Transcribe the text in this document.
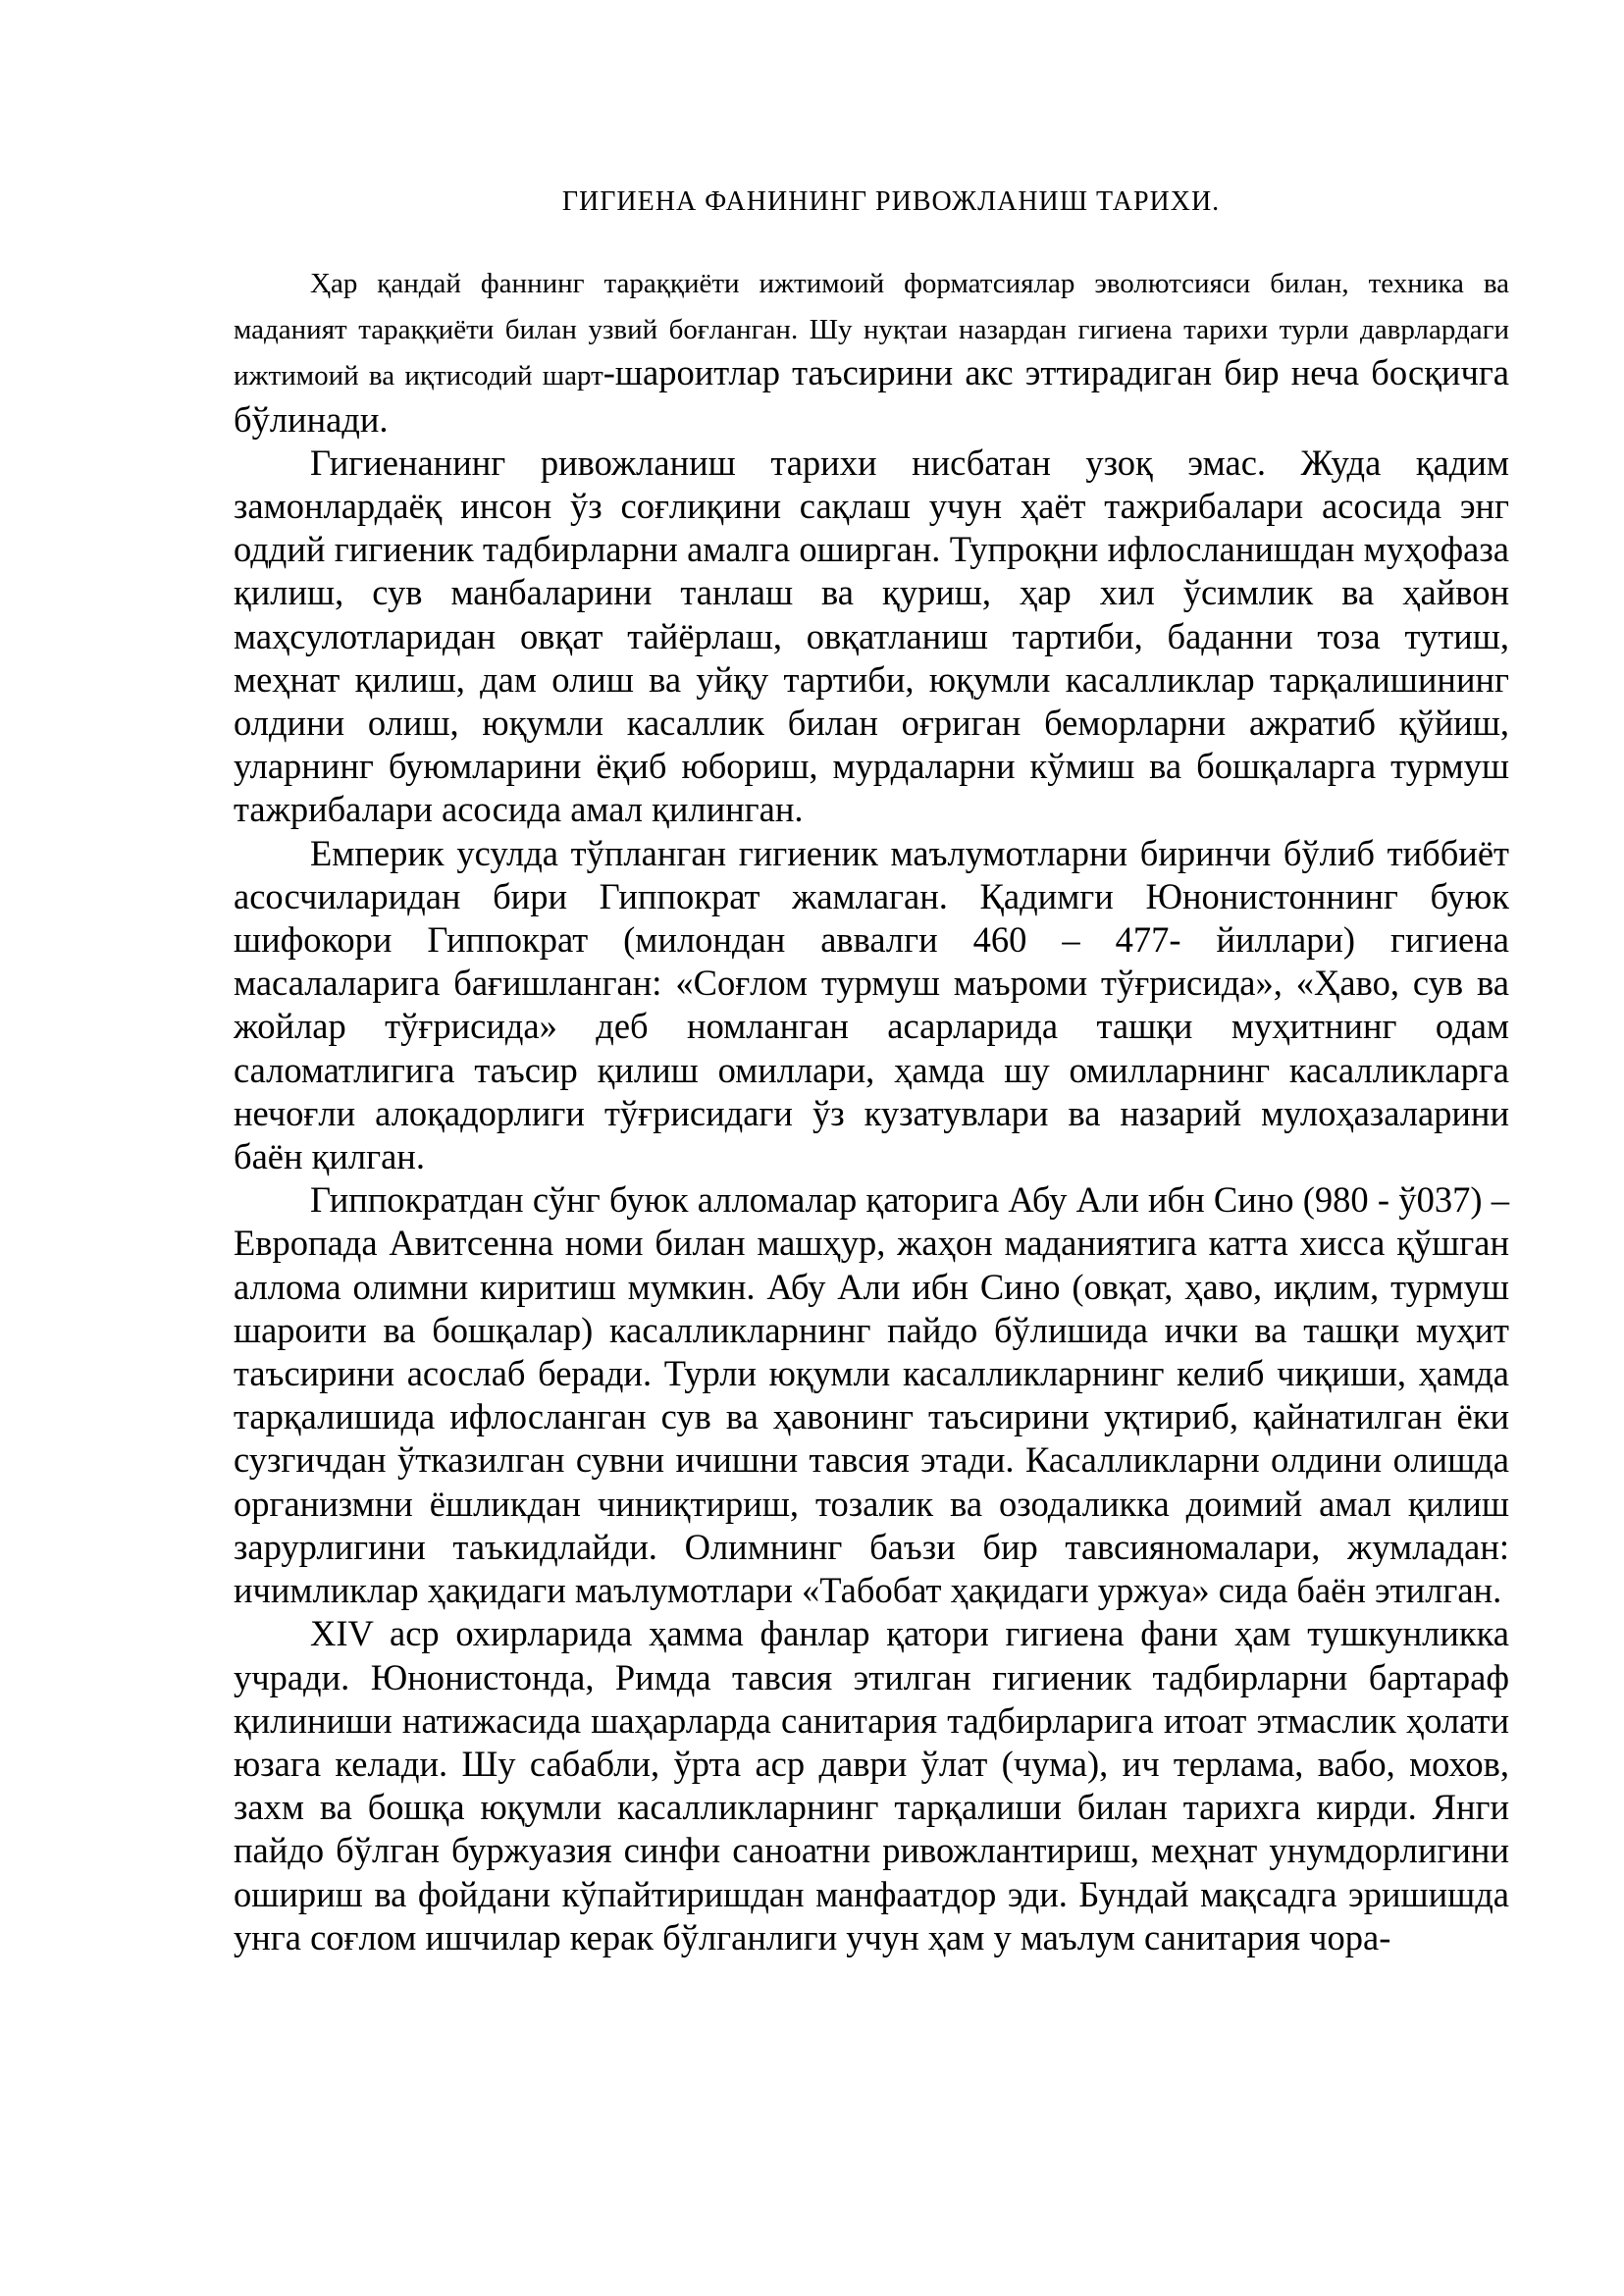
ГИГИЕНА ФАНИНИНГ РИВОЖЛАНИШ ТАРИХИ.

Ҳар қандай фаннинг тараққиёти ижтимоий форматсиялар эволютсияси билан, техника ва маданият тараққиёти билан узвий боғланган. Шу нуқтаи назардан гигиена тарихи турли даврлардаги ижтимоий ва иқтисодий шарт-шароитлар таъсирини акс эттирадиган бир неча босқичга бўлинади.

Гигиенанинг ривожланиш тарихи нисбатан узоқ эмас. Жуда қадим замонлардаёқ инсон ўз соғлиқини сақлаш учун ҳаёт тажрибалари асосида энг оддий гигиеник тадбирларни амалга оширган. Тупроқни ифлосланишдан муҳофаза қилиш, сув манбаларини танлаш ва қуриш, ҳар хил ўсимлик ва ҳайвон маҳсулотларидан овқат тайёрлаш, овқатланиш тартиби, баданни тоза тутиш, меҳнат қилиш, дам олиш ва уйқу тартиби, юқумли касалликлар тарқалишининг олдини олиш, юқумли касаллик билан оғриган беморларни ажратиб қўйиш, уларнинг буюмларини ёқиб юбориш, мурдаларни кўмиш ва бошқаларга турмуш тажрибалари асосида амал қилинган.

Емперик усулда тўпланган гигиеник маълумотларни биринчи бўлиб тиббиёт асосчиларидан бири Гиппократ жамлаган. Қадимги Юнонистоннинг буюк шифокори Гиппократ (милондан аввалги 460 – 477- йиллари) гигиена масалаларига бағишланган: «Соғлом турмуш маъроми тўғрисида», «Ҳаво, сув ва жойлар тўғрисида» деб номланган асарларида ташқи муҳитнинг одам саломатлигига таъсир қилиш омиллари, ҳамда шу омилларнинг касалликларга нечоғли алоқадорлиги тўғрисидаги ўз кузатувлари ва назарий мулоҳазаларини баён қилган.

Гиппократдан сўнг буюк алломалар қаторига Абу Али ибн Сино (980 - ў037) – Европада Авитсенна номи билан машҳур, жаҳон маданиятига катта хисса қўшган аллома олимни киритиш мумкин. Абу Али ибн Сино (овқат, ҳаво, иқлим, турмуш шароити ва бошқалар) касалликларнинг пайдо бўлишида ички ва ташқи муҳит таъсирини асослаб беради. Турли юқумли касалликларнинг келиб чиқиши, ҳамда тарқалишида ифлосланган сув ва ҳавонинг таъсирини уқтириб, қайнатилган ёки сузгичдан ўтказилган сувни ичишни тавсия этади. Касалликларни олдини олишда организмни ёшликдан чиниқтириш, тозалик ва озодаликка доимий амал қилиш зарурлигини таъкидлайди. Олимнинг баъзи бир тавсияномалари, жумладан: ичимликлар ҳақидаги маълумотлари «Табобат ҳақидаги уржуа» сида баён этилган.

XIV аср охирларида ҳамма фанлар қатори гигиена фани ҳам тушкунликка учради. Юнонистонда, Римда тавсия этилган гигиеник тадбирларни бартараф қилиниши натижасида шаҳарларда санитария тадбирларига итоат этмаслик ҳолати юзага келади. Шу сабабли, ўрта аср даври ўлат (чума), ич терлама, вабо, мохов, захм ва бошқа юқумли касалликларнинг тарқалиши билан тарихга кирди. Янги пайдо бўлган буржуазия синфи саноатни ривожлантириш, меҳнат унумдорлигини ошириш ва фойдани кўпайтиришдан манфаатдор эди. Бундай мақсадга эришишда унга соғлом ишчилар керак бўлганлиги учун ҳам у маълум санитария чора-
